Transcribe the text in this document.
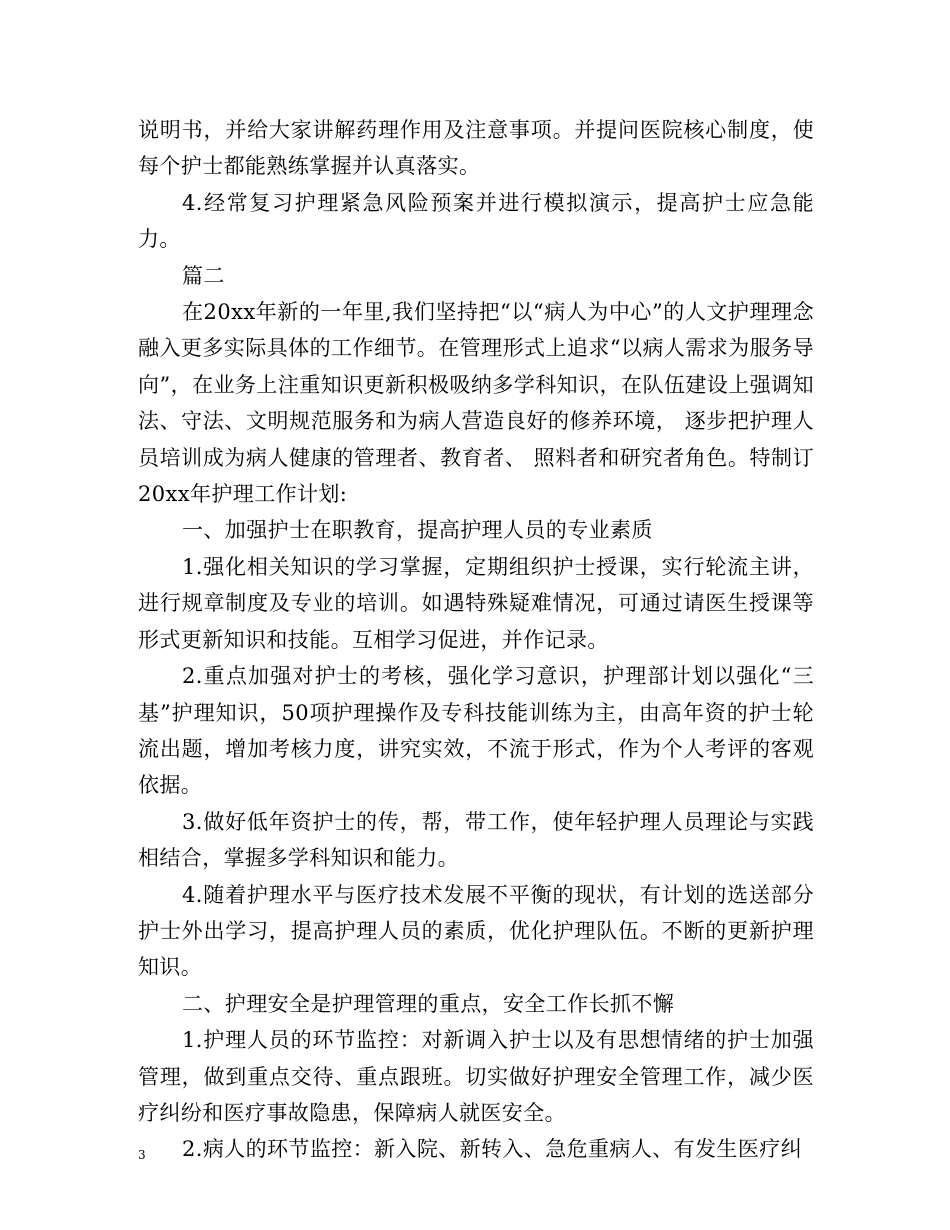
说明书，并给大家讲解药理作用及注意事项。并提问医院核心制度，使每个护士都能熟练掌握并认真落实。

4.经常复习护理紧急风险预案并进行模拟演示，提高护士应急能力。

篇二

在20xx年新的一年里,我们坚持把“以“病人为中心”的人文护理理念融入更多实际具体的工作细节。在管理形式上追求“以病人需求为服务导向”，在业务上注重知识更新积极吸纳多学科知识，在队伍建设上强调知法、守法、文明规范服务和为病人营造良好的修养环境， 逐步把护理人员培训成为病人健康的管理者、教育者、 照料者和研究者角色。特制订20xx年护理工作计划:

一、加强护士在职教育，提高护理人员的专业素质

1.强化相关知识的学习掌握，定期组织护士授课，实行轮流主讲，进行规章制度及专业的培训。如遇特殊疑难情况，可通过请医生授课等形式更新知识和技能。互相学习促进，并作记录。

2.重点加强对护士的考核，强化学习意识，护理部计划以强化“三基”护理知识，50项护理操作及专科技能训练为主，由高年资的护士轮流出题，增加考核力度，讲究实效，不流于形式，作为个人考评的客观依据。

3.做好低年资护士的传，帮，带工作，使年轻护理人员理论与实践相结合，掌握多学科知识和能力。

4.随着护理水平与医疗技术发展不平衡的现状，有计划的选送部分护士外出学习，提高护理人员的素质，优化护理队伍。不断的更新护理知识。

二、护理安全是护理管理的重点，安全工作长抓不懈

1.护理人员的环节监控：对新调入护士以及有思想情绪的护士加强管理，做到重点交待、重点跟班。切实做好护理安全管理工作，减少医疗纠纷和医疗事故隐患，保障病人就医安全。

2.病人的环节监控：新入院、新转入、急危重病人、有发生医疗纠

3
